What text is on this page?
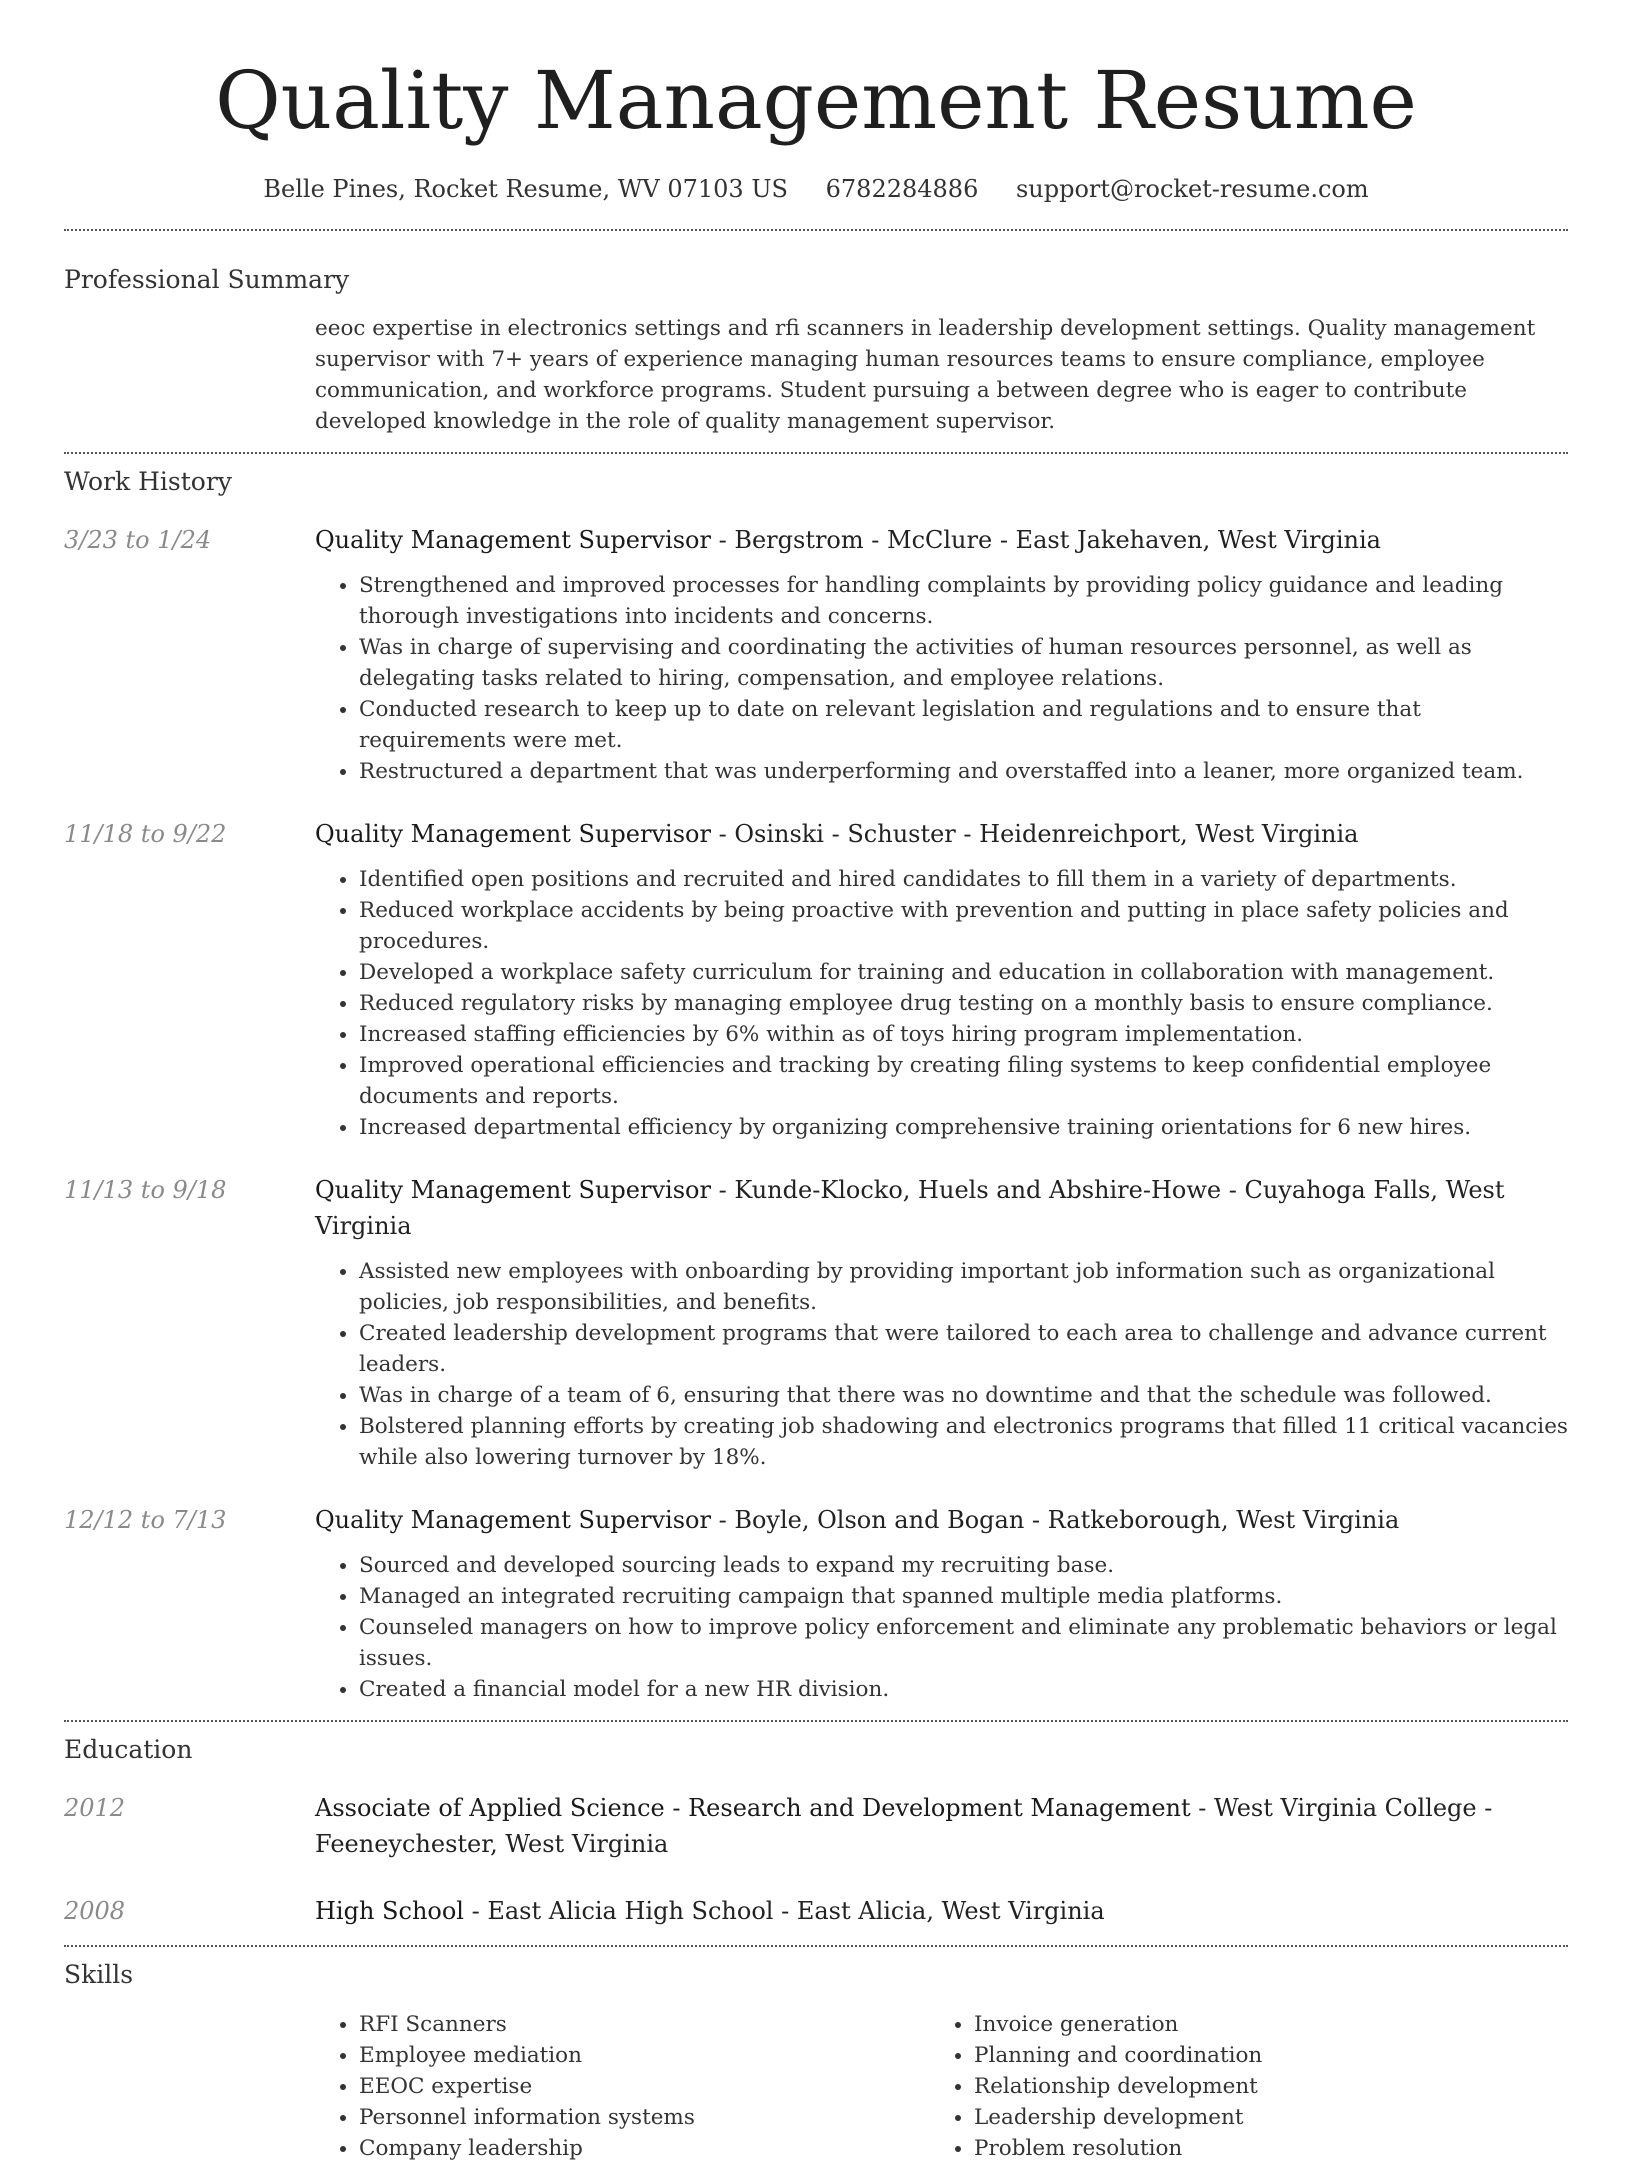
Quality Management Resume
Belle Pines, Rocket Resume, WV 07103 US 6782284886 support@rocket-resume.com
Professional Summary

eeoc expertise in electronics settings and rfi scanners in leadership development settings. Quality management supervisor with 7+ years of experience managing human resources teams to ensure compliance, employee communication, and workforce programs. Student pursuing a between degree who is eager to contribute developed knowledge in the role of quality management supervisor.

Work History
3/23 to 1/24	Quality Management Supervisor - Bergstrom - McClure - East Jakehaven, West Virginia

• Strengthened and improved processes for handling complaints by providing policy guidance and leading thorough investigations into incidents and concerns.
• Was in charge of supervising and coordinating the activities of human resources personnel, as well as delegating tasks related to hiring, compensation, and employee relations.
• Conducted research to keep up to date on relevant legislation and regulations and to ensure that requirements were met.
• Restructured a department that was underperforming and overstaffed into a leaner, more organized team.
11/18 to 9/22	Quality Management Supervisor - Osinski - Schuster - Heidenreichport, West Virginia

• Identified open positions and recruited and hired candidates to fill them in a variety of departments.
• Reduced workplace accidents by being proactive with prevention and putting in place safety policies and procedures.
• Developed a workplace safety curriculum for training and education in collaboration with management.
• Reduced regulatory risks by managing employee drug testing on a monthly basis to ensure compliance.
• Increased staffing efficiencies by 6% within as of toys hiring program implementation.
• Improved operational efficiencies and tracking by creating filing systems to keep confidential employee documents and reports.
• Increased departmental efficiency by organizing comprehensive training orientations for 6 new hires.
11/13 to 9/18	Quality Management Supervisor - Kunde-Klocko, Huels and Abshire-Howe - Cuyahoga Falls, West Virginia

• Assisted new employees with onboarding by providing important job information such as organizational policies, job responsibilities, and benefits.
• Created leadership development programs that were tailored to each area to challenge and advance current leaders.
• Was in charge of a team of 6, ensuring that there was no downtime and that the schedule was followed.
• Bolstered planning efforts by creating job shadowing and electronics programs that filled 11 critical vacancies while also lowering turnover by 18%.
12/12 to 7/13	Quality Management Supervisor - Boyle, Olson and Bogan - Ratkeborough, West Virginia

• Sourced and developed sourcing leads to expand my recruiting base.
• Managed an integrated recruiting campaign that spanned multiple media platforms.
• Counseled managers on how to improve policy enforcement and eliminate any problematic behaviors or legal issues.
• Created a financial model for a new HR division.
Education
2012	Associate of Applied Science - Research and Development Management - West Virginia College - Feeneychester, West Virginia

2008	High School - East Alicia High School - East Alicia, West Virginia

Skills
• RFI Scanners
• Employee mediation
• EEOC expertise
• Personnel information systems
• Company leadership
• Invoice generation
• Planning and coordination
• Relationship development
• Leadership development
• Problem resolution
